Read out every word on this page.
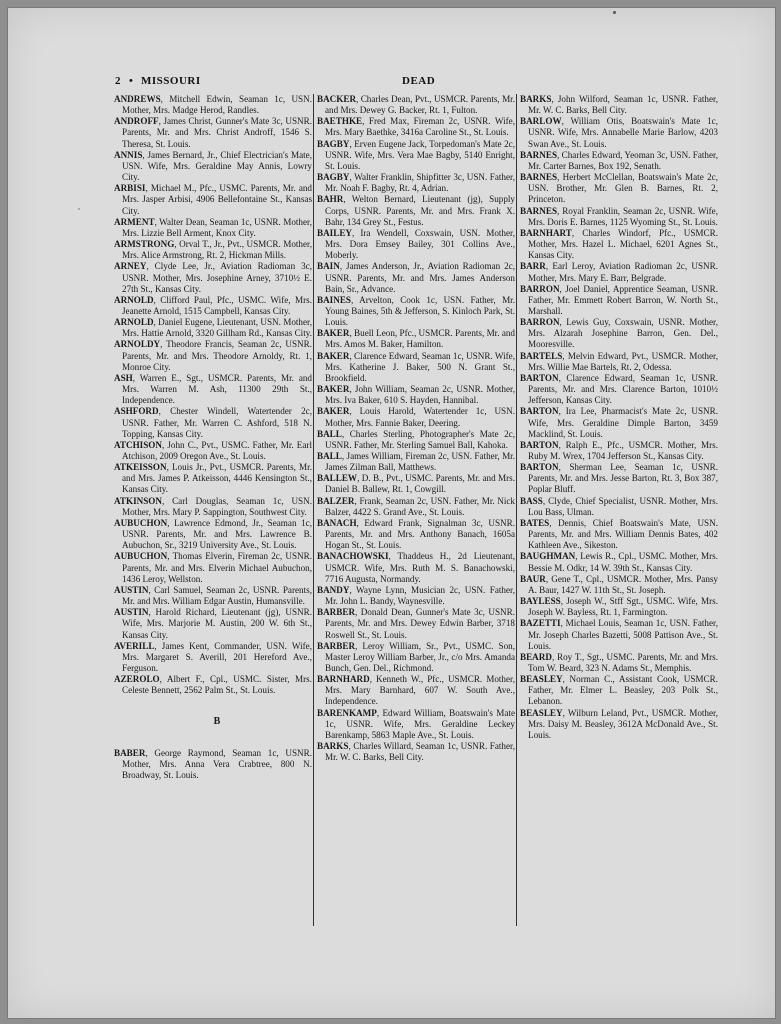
2 • MISSOURI	DEAD

ANDREWS, Mitchell Edwin, Seaman 1c, USN. Mother, Mrs. Madge Herod, Randles.

ANDROFF, James Christ, Gunner's Mate 3c, USNR. Parents, Mr. and Mrs. Christ Androff, 1546 S. Theresa, St. Louis.

ANNIS, James Bernard, Jr., Chief Electrician's Mate, USN. Wife, Mrs. Geraldine May Annis, Lowry City.

ARBISI, Michael M., Pfc., USMC. Parents, Mr. and Mrs. Jasper Arbisi, 4906 Bellefontaine St., Kansas City.

ARMENT, Walter Dean, Seaman 1c, USNR. Mother, Mrs. Lizzie Bell Arment, Knox City.

ARMSTRONG, Orval T., Jr., Pvt., USMCR. Mother, Mrs. Alice Armstrong, Rt. 2, Hickman Mills.

ARNEY, Clyde Lee, Jr., Aviation Radioman 3c, USNR. Mother, Mrs. Josephine Arney, 3710½ E. 27th St., Kansas City.

ARNOLD, Clifford Paul, Pfc., USMC. Wife, Mrs. Jeanette Arnold, 1515 Campbell, Kansas City.

ARNOLD, Daniel Eugene, Lieutenant, USN. Mother, Mrs. Hattie Arnold, 3320 Gillham Rd., Kansas City.

ARNOLDY, Theodore Francis, Seaman 2c, USNR. Parents, Mr. and Mrs. Theodore Arnoldy, Rt. 1, Monroe City.

ASH, Warren E., Sgt., USMCR. Parents, Mr. and Mrs. Warren M. Ash, 11300 29th St., Independence.

ASHFORD, Chester Windell, Watertender 2c, USNR. Father, Mr. Warren C. Ashford, 518 N. Topping, Kansas City.

ATCHISON, John C., Pvt., USMC. Father, Mr. Earl Atchison, 2009 Oregon Ave., St. Louis.

ATKEISSON, Louis Jr., Pvt., USMCR. Parents, Mr. and Mrs. James P. Atkeisson, 4446 Kensington St., Kansas City.

ATKINSON, Carl Douglas, Seaman 1c, USN. Mother, Mrs. Mary P. Sappington, Southwest City.

AUBUCHON, Lawrence Edmond, Jr., Seaman 1c, USNR. Parents, Mr. and Mrs. Lawrence B. Aubuchon, Sr., 3219 University Ave., St. Louis.

AUBUCHON, Thomas Elverin, Fireman 2c, USNR. Parents, Mr. and Mrs. Elverin Michael Aubuchon, 1436 Leroy, Wellston.

AUSTIN, Carl Samuel, Seaman 2c, USNR. Parents, Mr. and Mrs. William Edgar Austin, Humansville.

AUSTIN, Harold Richard, Lieutenant (jg), USNR. Wife, Mrs. Marjorie M. Austin, 200 W. 6th St., Kansas City.

AVERILL, James Kent, Commander, USN. Wife, Mrs. Margaret S. Averill, 201 Hereford Ave., Ferguson.

AZEROLO, Albert F., Cpl., USMC. Sister, Mrs. Celeste Bennett, 2562 Palm St., St. Louis.

B

BABER, George Raymond, Seaman 1c, USNR. Mother, Mrs. Anna Vera Crabtree, 800 N. Broadway, St. Louis.

BACKER, Charles Dean, Pvt., USMCR. Parents, Mr. and Mrs. Dewey G. Backer, Rt. 1, Fulton.

BAETHKE, Fred Max, Fireman 2c, USNR. Wife, Mrs. Mary Baethke, 3416a Caroline St., St. Louis.

BAGBY, Erven Eugene Jack, Torpedoman's Mate 2c, USNR. Wife, Mrs. Vera Mae Bagby, 5140 Enright, St. Louis.

BAGBY, Walter Franklin, Shipfitter 3c, USN. Father, Mr. Noah F. Bagby, Rt. 4, Adrian.

BAHR, Welton Bernard, Lieutenant (jg), Supply Corps, USNR. Parents, Mr. and Mrs. Frank X. Bahr, 134 Grey St., Festus.

BAILEY, Ira Wendell, Coxswain, USN. Mother, Mrs. Dora Emsey Bailey, 301 Collins Ave., Moberly.

BAIN, James Anderson, Jr., Aviation Radioman 2c, USNR. Parents, Mr. and Mrs. James Anderson Bain, Sr., Advance.

BAINES, Arvelton, Cook 1c, USN. Father, Mr. Young Baines, 5th & Jefferson, S. Kinloch Park, St. Louis.

BAKER, Buell Leon, Pfc., USMCR. Parents, Mr. and Mrs. Amos M. Baker, Hamilton.

BAKER, Clarence Edward, Seaman 1c, USNR. Wife, Mrs. Katherine J. Baker, 500 N. Grant St., Brookfield.

BAKER, John William, Seaman 2c, USNR. Mother, Mrs. Iva Baker, 610 S. Hayden, Hannibal.

BAKER, Louis Harold, Watertender 1c, USN. Mother, Mrs. Fannie Baker, Deering.

BALL, Charles Sterling, Photographer's Mate 2c, USNR. Father, Mr. Sterling Samuel Ball, Kahoka.

BALL, James William, Fireman 2c, USN. Father, Mr. James Zilman Ball, Matthews.

BALLEW, D. B., Pvt., USMC. Parents, Mr. and Mrs. Daniel B. Ballew, Rt. 1, Cowgill.

BALZER, Frank, Seaman 2c, USN. Father, Mr. Nick Balzer, 4422 S. Grand Ave., St. Louis.

BANACH, Edward Frank, Signalman 3c, USNR. Parents, Mr. and Mrs. Anthony Banach, 1605a Hogan St., St. Louis.

BANACHOWSKI, Thaddeus H., 2d Lieutenant, USMCR. Wife, Mrs. Ruth M. S. Banachowski, 7716 Augusta, Normandy.

BANDY, Wayne Lynn, Musician 2c, USN. Father, Mr. John L. Bandy, Waynesville.

BARBER, Donald Dean, Gunner's Mate 3c, USNR. Parents, Mr. and Mrs. Dewey Edwin Barber, 3718 Roswell St., St. Louis.

BARBER, Leroy William, Sr., Pvt., USMC. Son, Master Leroy William Barber, Jr., c/o Mrs. Amanda Bunch, Gen. Del., Richmond.

BARNHARD, Kenneth W., Pfc., USMCR. Mother, Mrs. Mary Barnhard, 607 W. South Ave., Independence.

BARENKAMP, Edward William, Boatswain's Mate 1c, USNR. Wife, Mrs. Geraldine Leckey Barenkamp, 5863 Maple Ave., St. Louis.

BARKS, Charles Willard, Seaman 1c, USNR. Father, Mr. W. C. Barks, Bell City.

BARKS, John Wilford, Seaman 1c, USNR. Father, Mr. W. C. Barks, Bell City.

BARLOW, William Otis, Boatswain's Mate 1c, USNR. Wife, Mrs. Annabelle Marie Barlow, 4203 Swan Ave., St. Louis.

BARNES, Charles Edward, Yeoman 3c, USN. Father, Mr. Carter Barnes, Box 192, Senath.

BARNES, Herbert McClellan, Boatswain's Mate 2c, USN. Brother, Mr. Glen B. Barnes, Rt. 2, Princeton.

BARNES, Royal Franklin, Seaman 2c, USNR. Wife, Mrs. Doris E. Barnes, 1125 Wyoming St., St. Louis.

BARNHART, Charles Windorf, Pfc., USMCR. Mother, Mrs. Hazel L. Michael, 6201 Agnes St., Kansas City.

BARR, Earl Leroy, Aviation Radioman 2c, USNR. Mother, Mrs. Mary E. Barr, Belgrade.

BARRON, Joel Daniel, Apprentice Seaman, USNR. Father, Mr. Emmett Robert Barron, W. North St., Marshall.

BARRON, Lewis Guy, Coxswain, USNR. Mother, Mrs. Alzarah Josephine Barron, Gen. Del., Mooresville.

BARTELS, Melvin Edward, Pvt., USMCR. Mother, Mrs. Willie Mae Bartels, Rt. 2, Odessa.

BARTON, Clarence Edward, Seaman 1c, USNR. Parents, Mr. and Mrs. Clarence Barton, 1010½ Jefferson, Kansas City.

BARTON, Ira Lee, Pharmacist's Mate 2c, USNR. Wife, Mrs. Geraldine Dimple Barton, 3459 Macklind, St. Louis.

BARTON, Ralph E., Pfc., USMCR. Mother, Mrs. Ruby M. Wrex, 1704 Jefferson St., Kansas City.

BARTON, Sherman Lee, Seaman 1c, USNR. Parents, Mr. and Mrs. Jesse Barton, Rt. 3, Box 387, Poplar Bluff.

BASS, Clyde, Chief Specialist, USNR. Mother, Mrs. Lou Bass, Ulman.

BATES, Dennis, Chief Boatswain's Mate, USN. Parents, Mr. and Mrs. William Dennis Bates, 402 Kathleen Ave., Sikeston.

BAUGHMAN, Lewis R., Cpl., USMC. Mother, Mrs. Bessie M. Odkr, 14 W. 39th St., Kansas City.

BAUR, Gene T., Cpl., USMCR. Mother, Mrs. Pansy A. Baur, 1427 W. 11th St., St. Joseph.

BAYLESS, Joseph W., Stff Sgt., USMC. Wife, Mrs. Joseph W. Bayless, Rt. 1, Farmington.

BAZETTI, Michael Louis, Seaman 1c, USN. Father, Mr. Joseph Charles Bazetti, 5008 Pattison Ave., St. Louis.

BEARD, Roy T., Sgt., USMC. Parents, Mr. and Mrs. Tom W. Beard, 323 N. Adams St., Memphis.

BEASLEY, Norman C., Assistant Cook, USMCR. Father, Mr. Elmer L. Beasley, 203 Polk St., Lebanon.

BEASLEY, Wilburn Leland, Pvt., USMCR. Mother, Mrs. Daisy M. Beasley, 3612A McDonald Ave., St. Louis.
